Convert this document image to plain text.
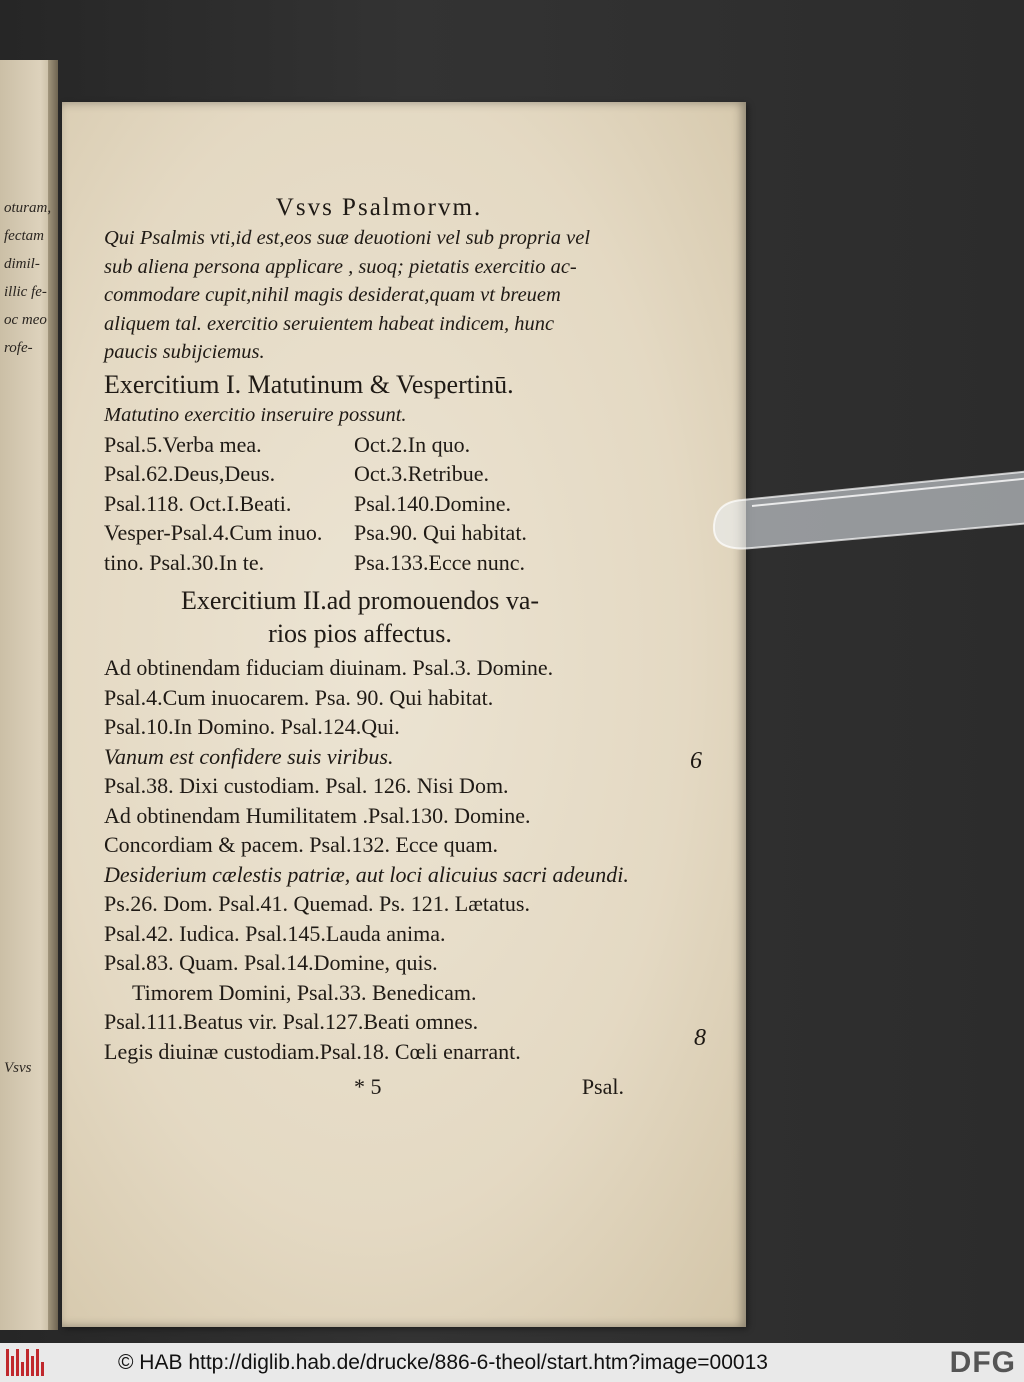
oturam,
fectam
dimil-
illic fe-
oc meo
rofe-
Vsvs
Vsvs Psalmorvm.
Qui Psalmis vti,id est,eos suæ deuotioni vel sub propria vel
sub aliena persona applicare , suoq; pietatis exercitio ac-
commodare cupit,nihil magis desiderat,quam vt breuem
aliquem tal. exercitio seruientem habeat indicem, hunc
paucis subijciemus.
Exercitium I. Matutinum & Vespertinū.
Matutino exercitio inseruire possunt.
Psal.5.Verba mea.	Oct.2.In quo.
Psal.62.Deus,Deus.	Oct.3.Retribue.
Psal.118. Oct.I.Beati.	Psal.140.Domine.
Vesper-Psal.4.Cum inuo.	Psa.90. Qui habitat.
tino. Psal.30.In te.	Psa.133.Ecce nunc.
Exercitium II.ad promouendos va-
rios pios affectus.
Ad obtinendam fiduciam diuinam. Psal.3. Domine.
Psal.4.Cum inuocarem. Psa. 90. Qui habitat.
Psal.10.In Domino. Psal.124.Qui.
Vanum est confidere suis viribus.
Psal.38. Dixi custodiam. Psal. 126. Nisi Dom.
Ad obtinendam Humilitatem .Psal.130. Domine.
Concordiam & pacem. Psal.132. Ecce quam.
Desiderium cælestis patriæ, aut loci alicuius sacri adeundi.
Ps.26. Dom. Psal.41. Quemad. Ps. 121. Lætatus.
Psal.42. Iudica. Psal.145.Lauda anima.
Psal.83. Quam. Psal.14.Domine, quis.
Timorem Domini, Psal.33. Benedicam.
Psal.111.Beatus vir. Psal.127.Beati omnes.
Legis diuinæ custodiam.Psal.18. Cœli enarrant.
* 5	Psal.
6
8
© HAB http://diglib.hab.de/drucke/886-6-theol/start.htm?image=00013	DFG
